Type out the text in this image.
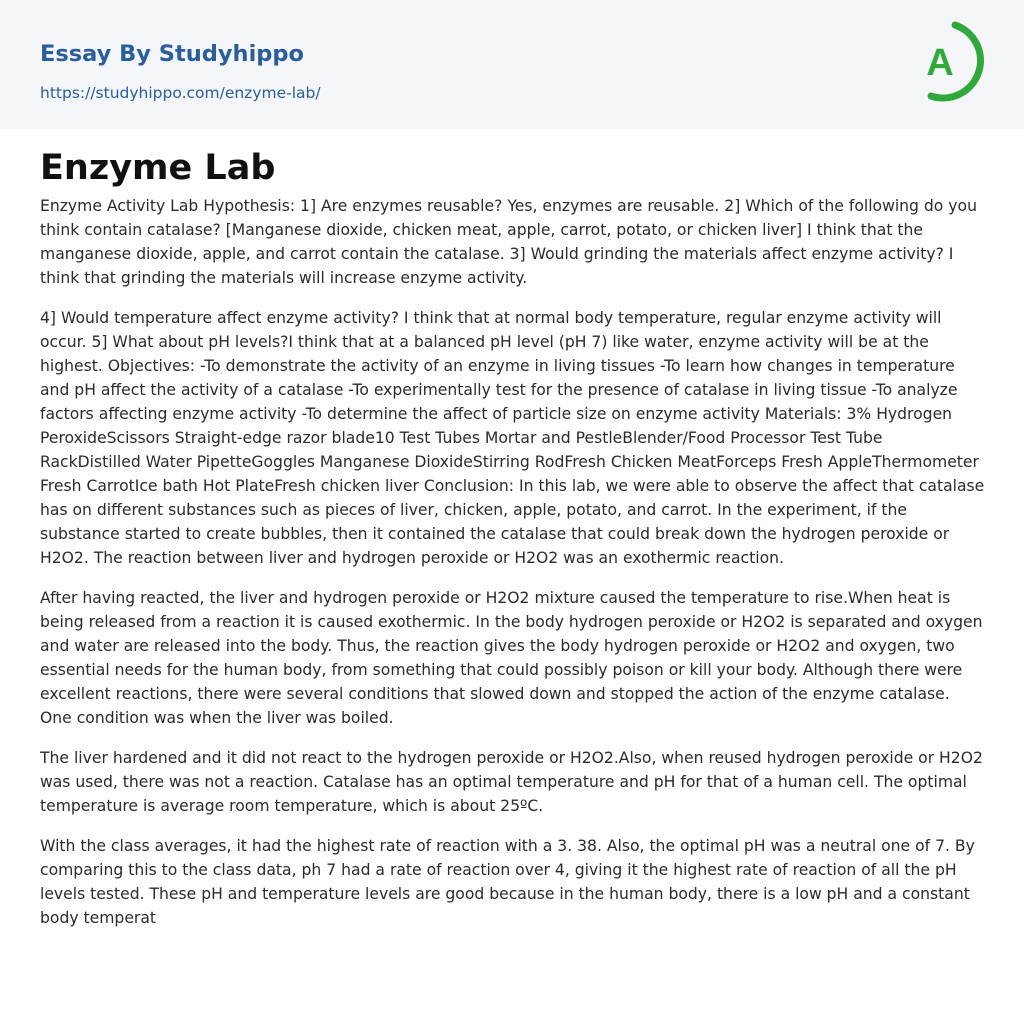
Essay By Studyhippo
https://studyhippo.com/enzyme-lab/
A
Enzyme Lab

Enzyme Activity Lab Hypothesis: 1] Are enzymes reusable? Yes, enzymes are reusable. 2] Which of the following do you think contain catalase? [Manganese dioxide, chicken meat, apple, carrot, potato, or chicken liver] I think that the manganese dioxide, apple, and carrot contain the catalase. 3] Would grinding the materials affect enzyme activity? I think that grinding the materials will increase enzyme activity.

4] Would temperature affect enzyme activity? I think that at normal body temperature, regular enzyme activity will occur. 5] What about pH levels?I think that at a balanced pH level (pH 7) like water, enzyme activity will be at the highest. Objectives: -To demonstrate the activity of an enzyme in living tissues -To learn how changes in temperature and pH affect the activity of a catalase -To experimentally test for the presence of catalase in living tissue -To analyze factors affecting enzyme activity -To determine the affect of particle size on enzyme activity Materials: 3% Hydrogen PeroxideScissors Straight-edge razor blade10 Test Tubes Mortar and PestleBlender/Food Processor Test Tube RackDistilled Water PipetteGoggles Manganese DioxideStirring RodFresh Chicken MeatForceps Fresh AppleThermometer Fresh CarrotIce bath Hot PlateFresh chicken liver Conclusion: In this lab, we were able to observe the affect that catalase has on different substances such as pieces of liver, chicken, apple, potato, and carrot. In the experiment, if the substance started to create bubbles, then it contained the catalase that could break down the hydrogen peroxide or H2O2. The reaction between liver and hydrogen peroxide or H2O2 was an exothermic reaction.

After having reacted, the liver and hydrogen peroxide or H2O2 mixture caused the temperature to rise.When heat is being released from a reaction it is caused exothermic. In the body hydrogen peroxide or H2O2 is separated and oxygen and water are released into the body. Thus, the reaction gives the body hydrogen peroxide or H2O2 and oxygen, two essential needs for the human body, from something that could possibly poison or kill your body. Although there were excellent reactions, there were several conditions that slowed down and stopped the action of the enzyme catalase. One condition was when the liver was boiled.

The liver hardened and it did not react to the hydrogen peroxide or H2O2.Also, when reused hydrogen peroxide or H2O2 was used, there was not a reaction. Catalase has an optimal temperature and pH for that of a human cell. The optimal temperature is average room temperature, which is about 25ºC.

With the class averages, it had the highest rate of reaction with a 3. 38. Also, the optimal pH was a neutral one of 7. By comparing this to the class data, ph 7 had a rate of reaction over 4, giving it the highest rate of reaction of all the pH levels tested. These pH and temperature levels are good because in the human body, there is a low pH and a constant body temperat
